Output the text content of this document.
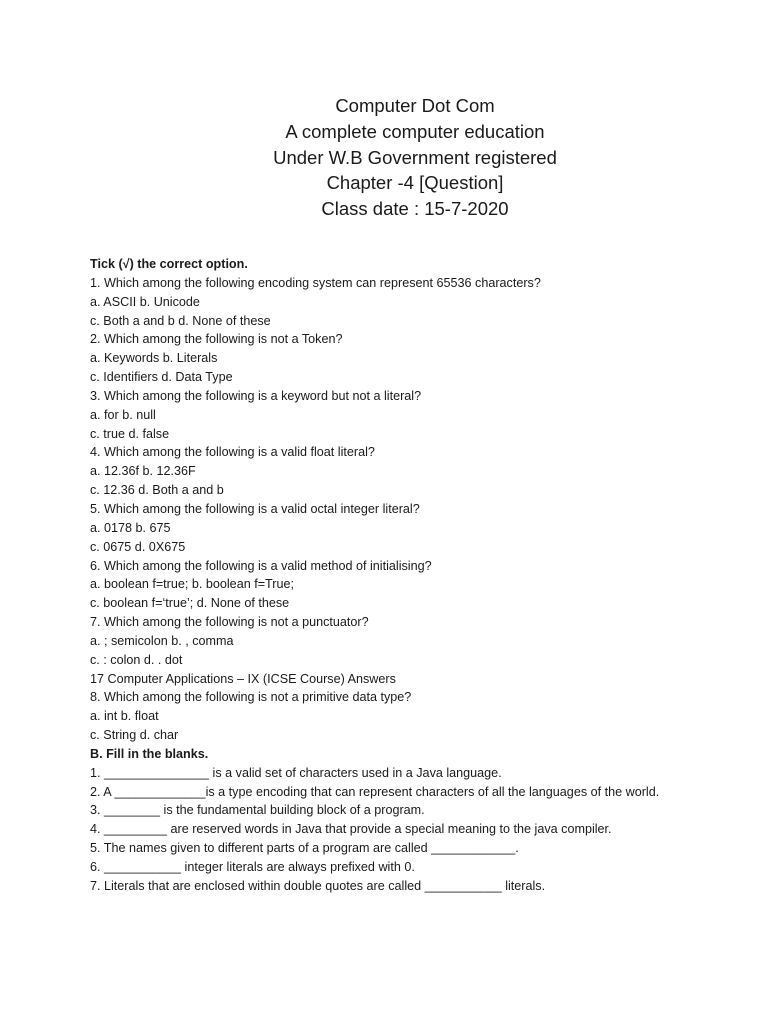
Computer Dot Com
A complete computer education
Under W.B Government registered
Chapter -4 [Question]
Class date : 15-7-2020
Tick (√) the correct option.
1. Which among the following encoding system can represent 65536 characters?
a. ASCII b. Unicode
c. Both a and b d. None of these
2. Which among the following is not a Token?
a. Keywords b. Literals
c. Identifiers d. Data Type
3. Which among the following is a keyword but not a literal?
a. for b. null
c. true d. false
4. Which among the following is a valid float literal?
a. 12.36f b. 12.36F
c. 12.36 d. Both a and b
5. Which among the following is a valid octal integer literal?
a. 0178 b. 675
c. 0675 d. 0X675
6. Which among the following is a valid method of initialising?
a. boolean f=true; b. boolean f=True;
c. boolean f=‘true’; d. None of these
7. Which among the following is not a punctuator?
a. ; semicolon b. , comma
c. : colon d. . dot
17 Computer Applications – IX (ICSE Course) Answers
8. Which among the following is not a primitive data type?
a. int b. float
c. String d. char
B. Fill in the blanks.
1. _______________ is a valid set of characters used in a Java language.
2. A _____________is a type encoding that can represent characters of all the languages of the world.
3. ________ is the fundamental building block of a program.
4. _________ are reserved words in Java that provide a special meaning to the java compiler.
5. The names given to different parts of a program are called ____________.
6. ___________ integer literals are always prefixed with 0.
7. Literals that are enclosed within double quotes are called ___________ literals.
